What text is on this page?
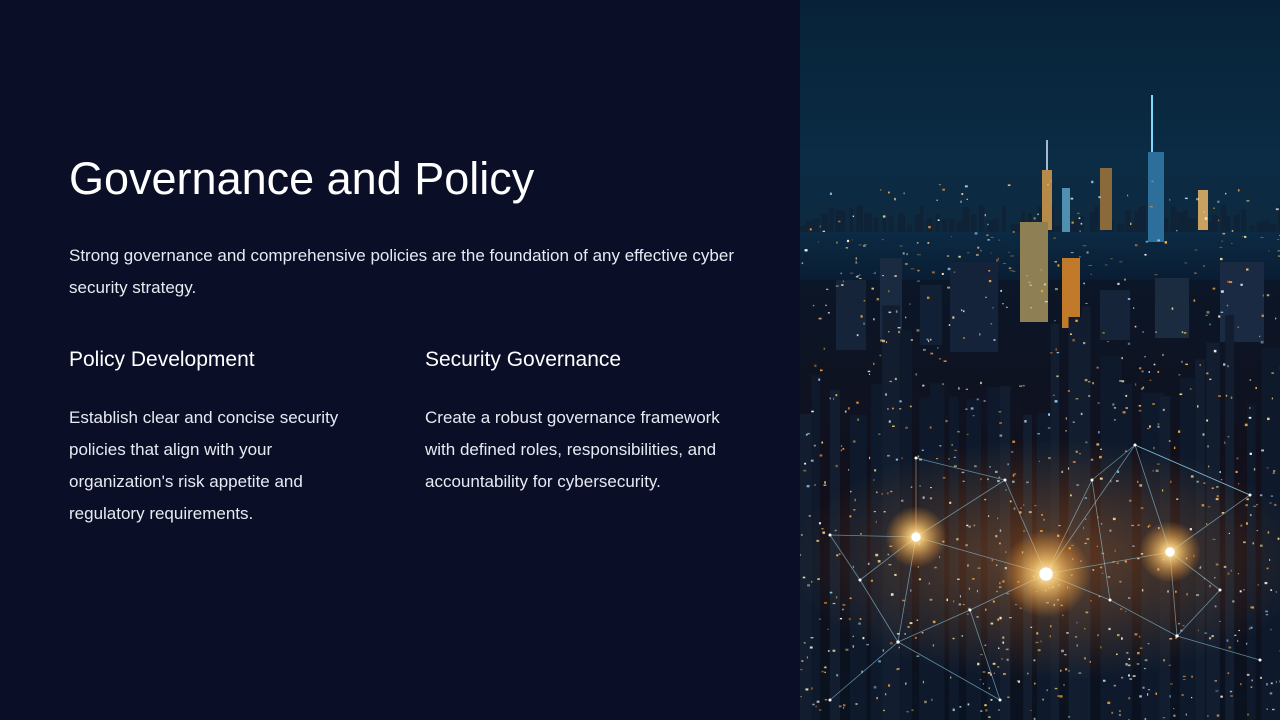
Governance and Policy

Strong governance and comprehensive policies are the foundation of any effective cyber security strategy.

Policy Development

Establish clear and concise security policies that align with your organization's risk appetite and regulatory requirements.

Security Governance

Create a robust governance framework with defined roles, responsibilities, and accountability for cybersecurity.
